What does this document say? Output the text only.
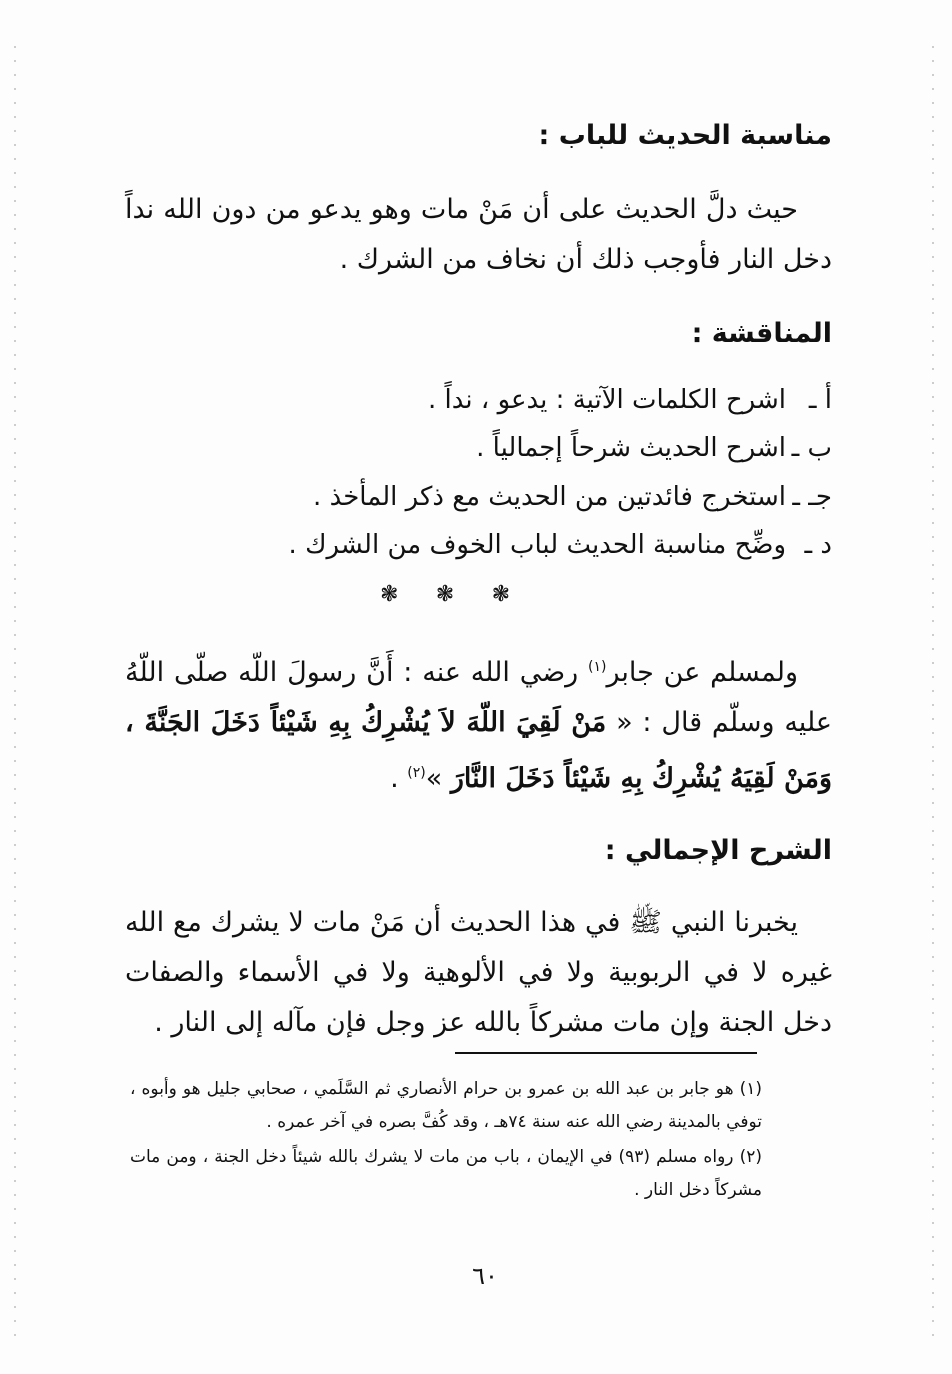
مناسبة الحديث للباب :

حيث دلَّ الحديث على أن مَنْ مات وهو يدعو من دون الله نداً دخل النار فأوجب ذلك أن نخاف من الشرك .

المناقشة :
أ ـ
اشرح الكلمات الآتية : يدعو ، نداً .
ب ـ
اشرح الحديث شرحاً إجمالياً .
جـ ـ
استخرج فائدتين من الحديث مع ذكر المأخذ .
د ـ
وضِّح مناسبة الحديث لباب الخوف من الشرك .
❃ ❃ ❃

ولمسلم عن جابر$^{(١)}$ رضي الله عنه : أَنَّ رسولَ اللّه صلّى اللّهُ عليه وسلّم قال : « مَنْ لَقِيَ اللّهَ لاَ يُشْرِكُ بِهِ شَيْئاً دَخَلَ الجَنَّةَ ، وَمَنْ لَقِيَهُ يُشْرِكُ بِهِ شَيْئاً دَخَلَ النَّارَ »$^{(٢)}$ .

الشرح الإجمالي :

يخبرنا النبي ﷺ في هذا الحديث أن مَنْ مات لا يشرك مع الله غيره لا في الربوبية ولا في الألوهية ولا في الأسماء والصفات دخل الجنة وإن مات مشركاً بالله عز وجل فإن مآله إلى النار .

(١) هو جابر بن عبد الله بن عمرو بن حرام الأنصاري ثم السَّلَمي ، صحابي جليل هو وأبوه ، توفي بالمدينة رضي الله عنه سنة ٧٤هـ ، وقد كُفَّ بصره في آخر عمره .

(٢) رواه مسلم (٩٣) في الإيمان ، باب من مات لا يشرك بالله شيئاً دخل الجنة ، ومن مات مشركاً دخل النار .

٦٠
